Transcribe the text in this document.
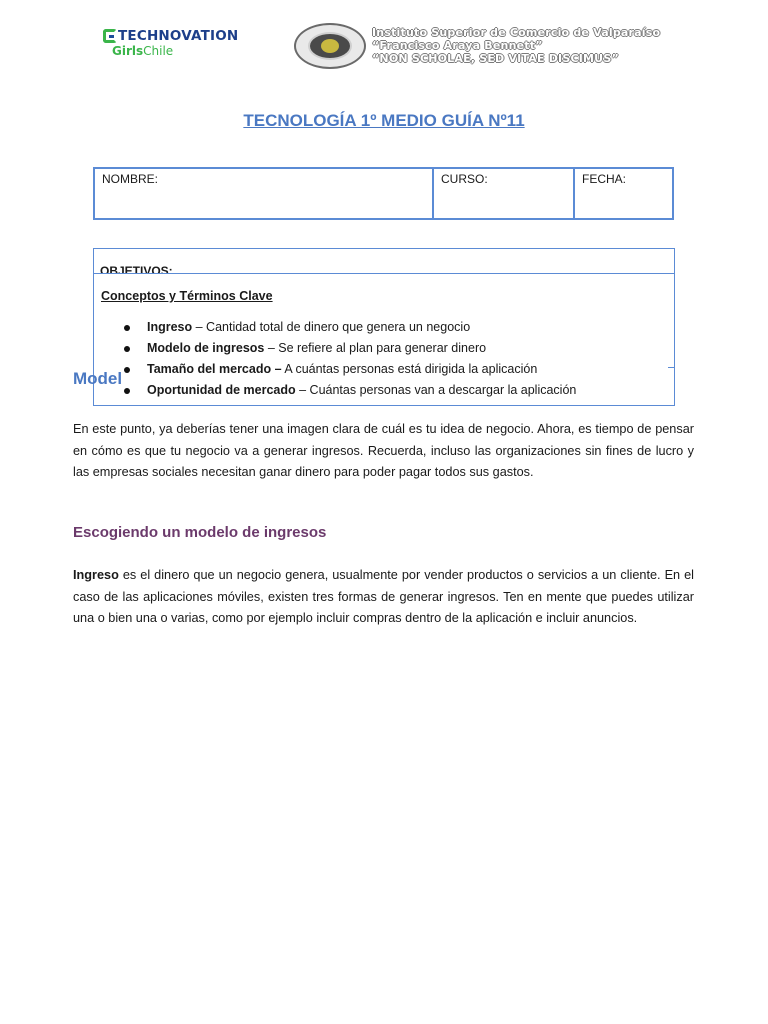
TECHNOVATION
GirlsChile
Instituto Superior de Comercio de Valparaíso
“Francisco Araya Bennett”
“NON SCHOLAE, SED VITAE DISCIMUS”
TECNOLOGÍA 1º MEDIO GUÍA Nº11
NOMBRE:	CURSO:	FECHA:
OBJETIVOS:
Conceptos y Términos Clave
Ingreso – Cantidad total de dinero que genera un negocio
Modelo de ingresos – Se refiere al plan para generar dinero
Tamaño del mercado – A cuántas personas está dirigida la aplicación
Oportunidad de mercado – Cuántas personas van a descargar la aplicación
Model
En este punto, ya deberías tener una imagen clara de cuál es tu idea de negocio. Ahora, es tiempo de pensar en cómo es que tu negocio va a generar ingresos. Recuerda, incluso las organizaciones sin fines de lucro y las empresas sociales necesitan ganar dinero para poder pagar todos sus gastos.
Escogiendo un modelo de ingresos
Ingreso es el dinero que un negocio genera, usualmente por vender productos o servicios a un cliente. En el caso de las aplicaciones móviles, existen tres formas de generar ingresos. Ten en mente que puedes utilizar una o bien una o varias, como por ejemplo incluir compras dentro de la aplicación e incluir anuncios.
